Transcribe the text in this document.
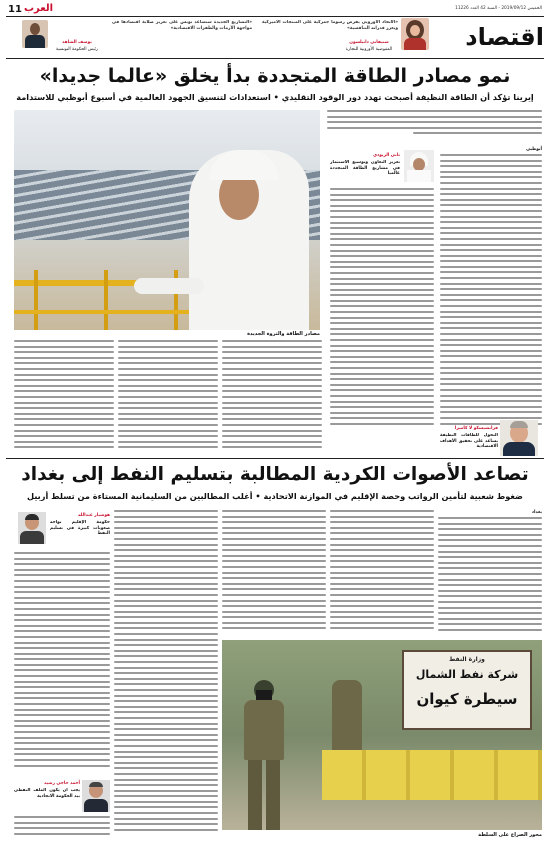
11 العرب	الخميس 2019/09/12 - السنة 42 العدد 11226
يوسف الشاهد
رئيس الحكومة التونسية
«التشاريع الجديدة ستساعد تونس على تعزيز صلابة اقتصادها في مواجهة الأزمات والطفرات الاقتصادية»
ستيفاني دانيلسون
المفوضية الأوروبية للتجارة
«الاتحاد الأوروبي يفرض رسوما جمركية على المنتجات الأميركية ويعزز قدراته التنافسية»	اقتصاد
نمو مصادر الطاقة المتجددة بدأ يخلق «عالما جديدا»
إيرينا تؤكد أن الطاقة النظيفة أصبحت تهدد دور الوقود التقليدي • استعدادات لتنسيق الجهود العالمية في أسبوع أبوظبي للاستدامة
مصادر الطاقة والثروة الجديدة
أبوظبي
ثاني الزيودي
تعزيز التعاون وتوسيع الاستثمار في مشاريع الطاقة المتجددة عالميا
فرانشيسكو لا كاميرا
التحول للطاقات النظيفة يساعد على تحقيق الأهداف الاقتصادية
تصاعد الأصوات الكردية المطالبة بتسليم النفط إلى بغداد
ضغوط شعبية لتأمين الرواتب وحصة الإقليم في الموازنة الاتحادية • أغلب المطالبين من السليمانية المستاءة من تسلط أربيل
بغداد
هوشيار عبدالله
حكومة الإقليم تواجه صعوبات كبيرة في تسليم النفط
أحمد حاجي رشيد
يجب أن يكون الملف النفطي بيد الحكومة الاتحادية
وزارة النفط
شركة نفط الشمال
سيطرة كيوان
محور الصراع على السلطة
